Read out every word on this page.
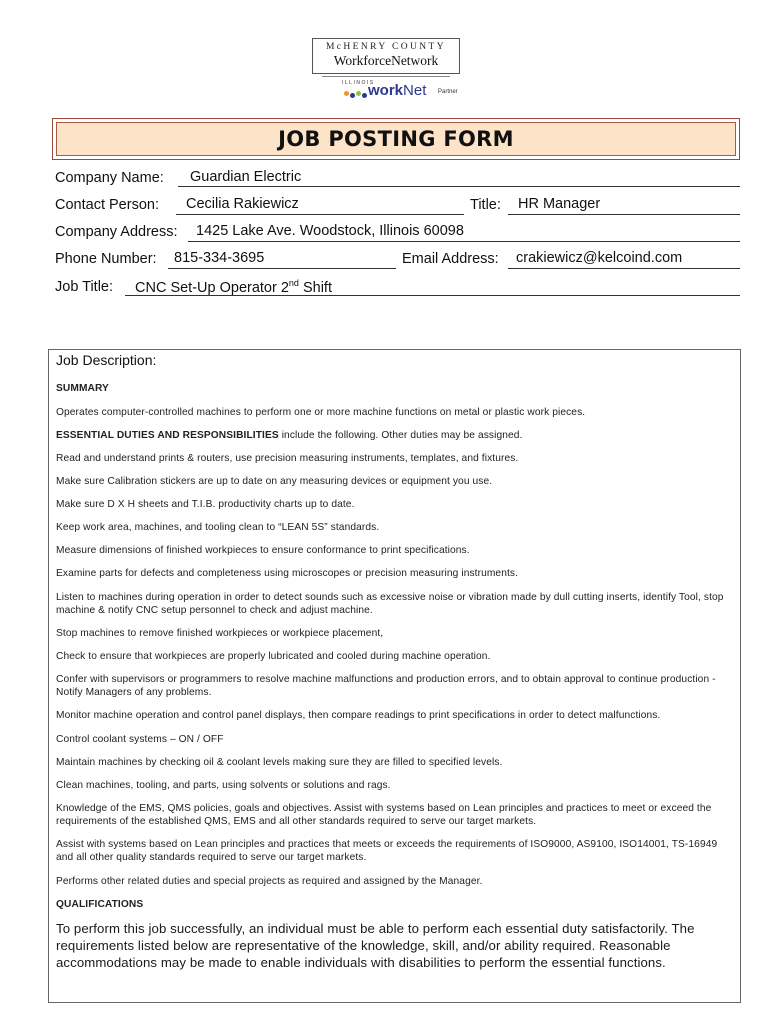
McHENRY COUNTY
WorkforceNetwork
ILLINOIS
workNet Partner
JOB POSTING FORM
Company Name: Guardian Electric
Contact Person: Cecilia Rakiewicz	Title: HR Manager
Company Address: 1425 Lake Ave. Woodstock, Illinois 60098
Phone Number: 815-334-3695	Email Address: crakiewicz@kelcoind.com
Job Title: CNC Set-Up Operator 2nd Shift
Job Description:
SUMMARY
Operates computer-controlled machines to perform one or more machine functions on metal or plastic work pieces.
ESSENTIAL DUTIES AND RESPONSIBILITIES include the following. Other duties may be assigned.
Read and understand prints & routers, use precision measuring instruments, templates, and fixtures.
Make sure Calibration stickers are up to date on any measuring devices or equipment you use.
Make sure D X H sheets and T.I.B. productivity charts up to date.
Keep work area, machines, and tooling clean to “LEAN 5S” standards.
Measure dimensions of finished workpieces to ensure conformance to print specifications.
Examine parts for defects and completeness using microscopes or precision measuring instruments.
Listen to machines during operation in order to detect sounds such as excessive noise or vibration made by dull cutting inserts, identify Tool, stop machine & notify CNC setup personnel to check and adjust machine.
Stop machines to remove finished workpieces or workpiece placement,
Check to ensure that workpieces are properly lubricated and cooled during machine operation.
Confer with supervisors or programmers to resolve machine malfunctions and production errors, and to obtain approval to continue production - Notify Managers of any problems.
Monitor machine operation and control panel displays, then compare readings to print specifications in order to detect malfunctions.
Control coolant systems – ON / OFF
Maintain machines by checking oil & coolant levels making sure they are filled to specified levels.
Clean machines, tooling, and parts, using solvents or solutions and rags.
Knowledge of the EMS, QMS policies, goals and objectives. Assist with systems based on Lean principles and practices to meet or exceed the requirements of the established QMS, EMS and all other standards required to serve our target markets.
Assist with systems based on Lean principles and practices that meets or exceeds the requirements of ISO9000, AS9100, ISO14001, TS-16949 and all other quality standards required to serve our target markets.
Performs other related duties and special projects as required and assigned by the Manager.
QUALIFICATIONS
To perform this job successfully, an individual must be able to perform each essential duty satisfactorily. The requirements listed below are representative of the knowledge, skill, and/or ability required. Reasonable accommodations may be made to enable individuals with disabilities to perform the essential functions.
